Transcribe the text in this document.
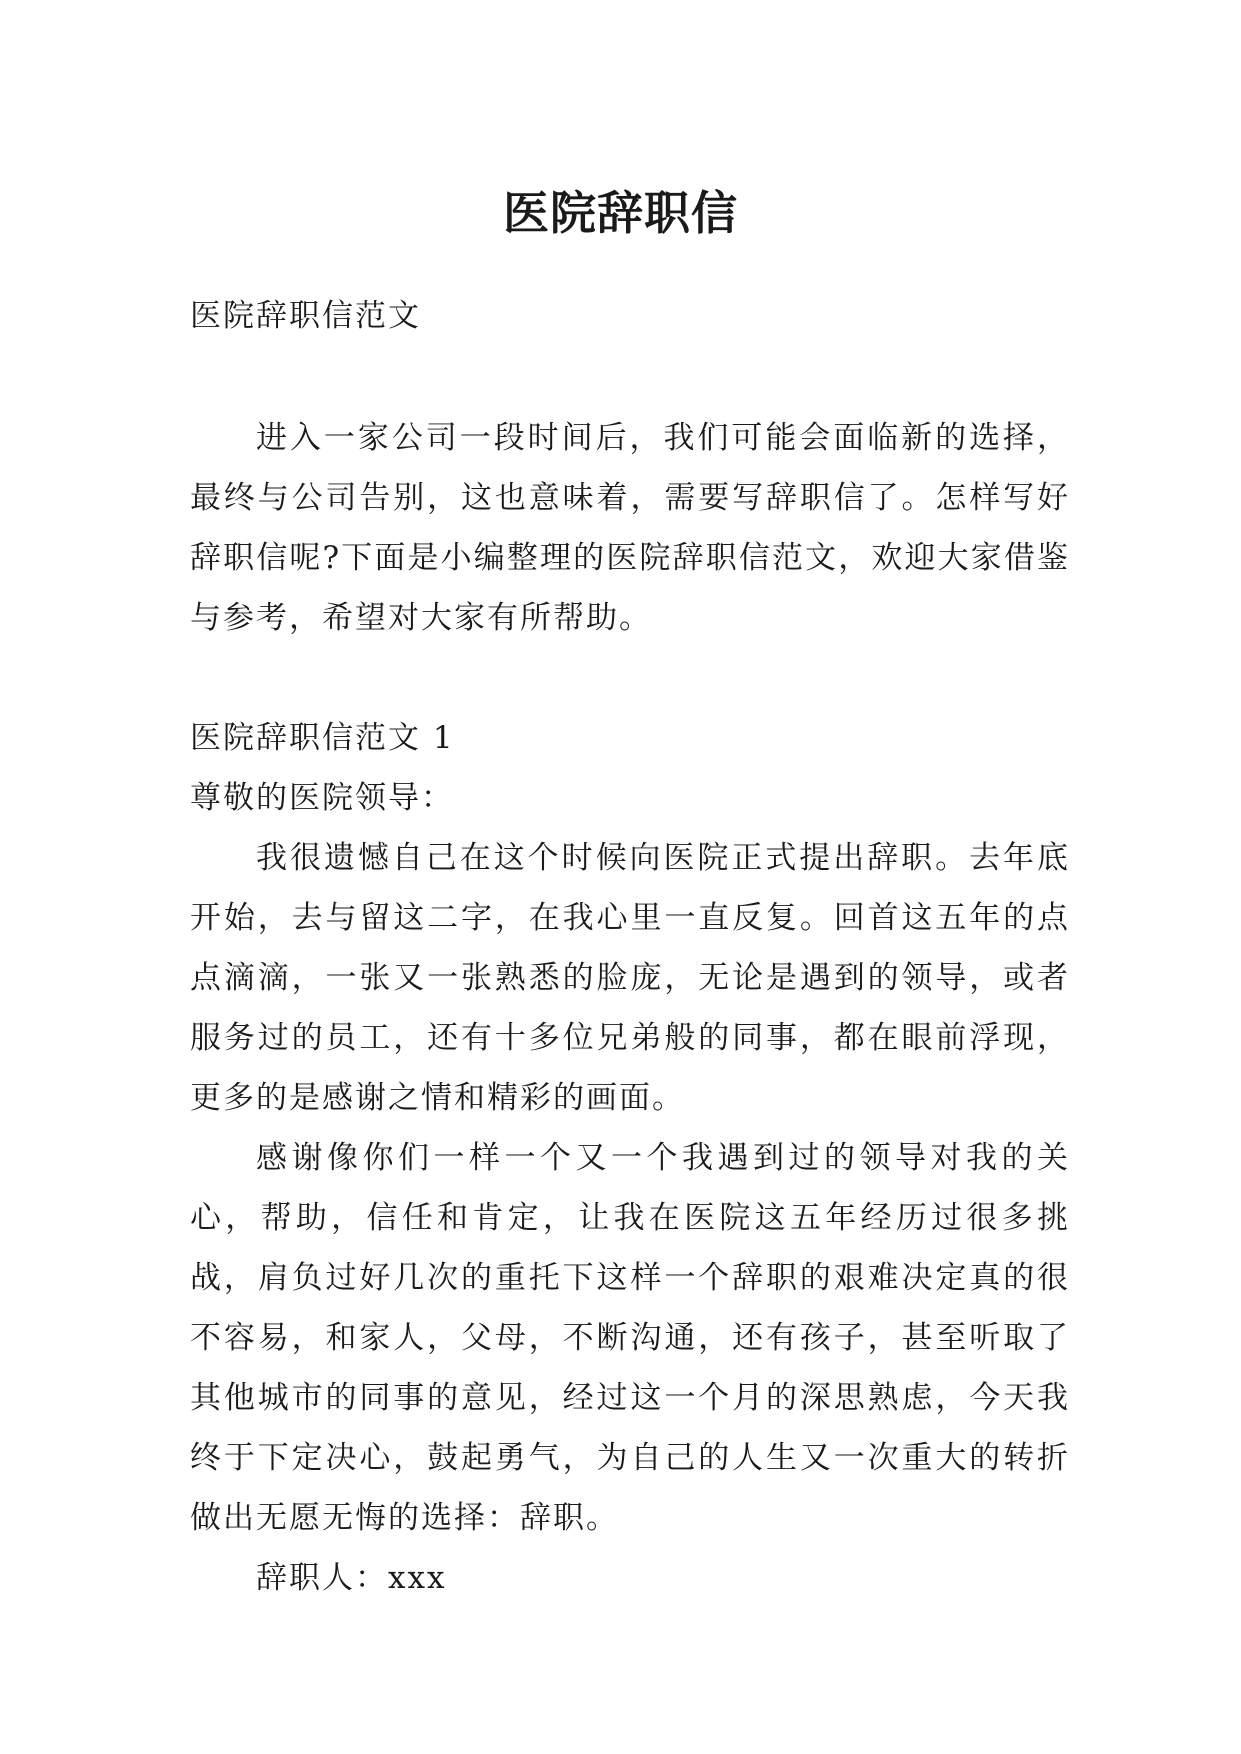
医院辞职信

医院辞职信范文

进入一家公司一段时间后，我们可能会面临新的选择，最终与公司告别，这也意味着，需要写辞职信了。怎样写好辞职信呢?下面是小编整理的医院辞职信范文，欢迎大家借鉴与参考，希望对大家有所帮助。

医院辞职信范文 1

尊敬的医院领导：

我很遗憾自己在这个时候向医院正式提出辞职。去年底开始，去与留这二字，在我心里一直反复。回首这五年的点点滴滴，一张又一张熟悉的脸庞，无论是遇到的领导，或者服务过的员工，还有十多位兄弟般的同事，都在眼前浮现，更多的是感谢之情和精彩的画面。

感谢像你们一样一个又一个我遇到过的领导对我的关心，帮助，信任和肯定，让我在医院这五年经历过很多挑战，肩负过好几次的重托下这样一个辞职的艰难决定真的很不容易，和家人，父母，不断沟通，还有孩子，甚至听取了其他城市的同事的意见，经过这一个月的深思熟虑，今天我终于下定决心，鼓起勇气，为自己的人生又一次重大的转折做出无愿无悔的选择：辞职。

辞职人：xxx
